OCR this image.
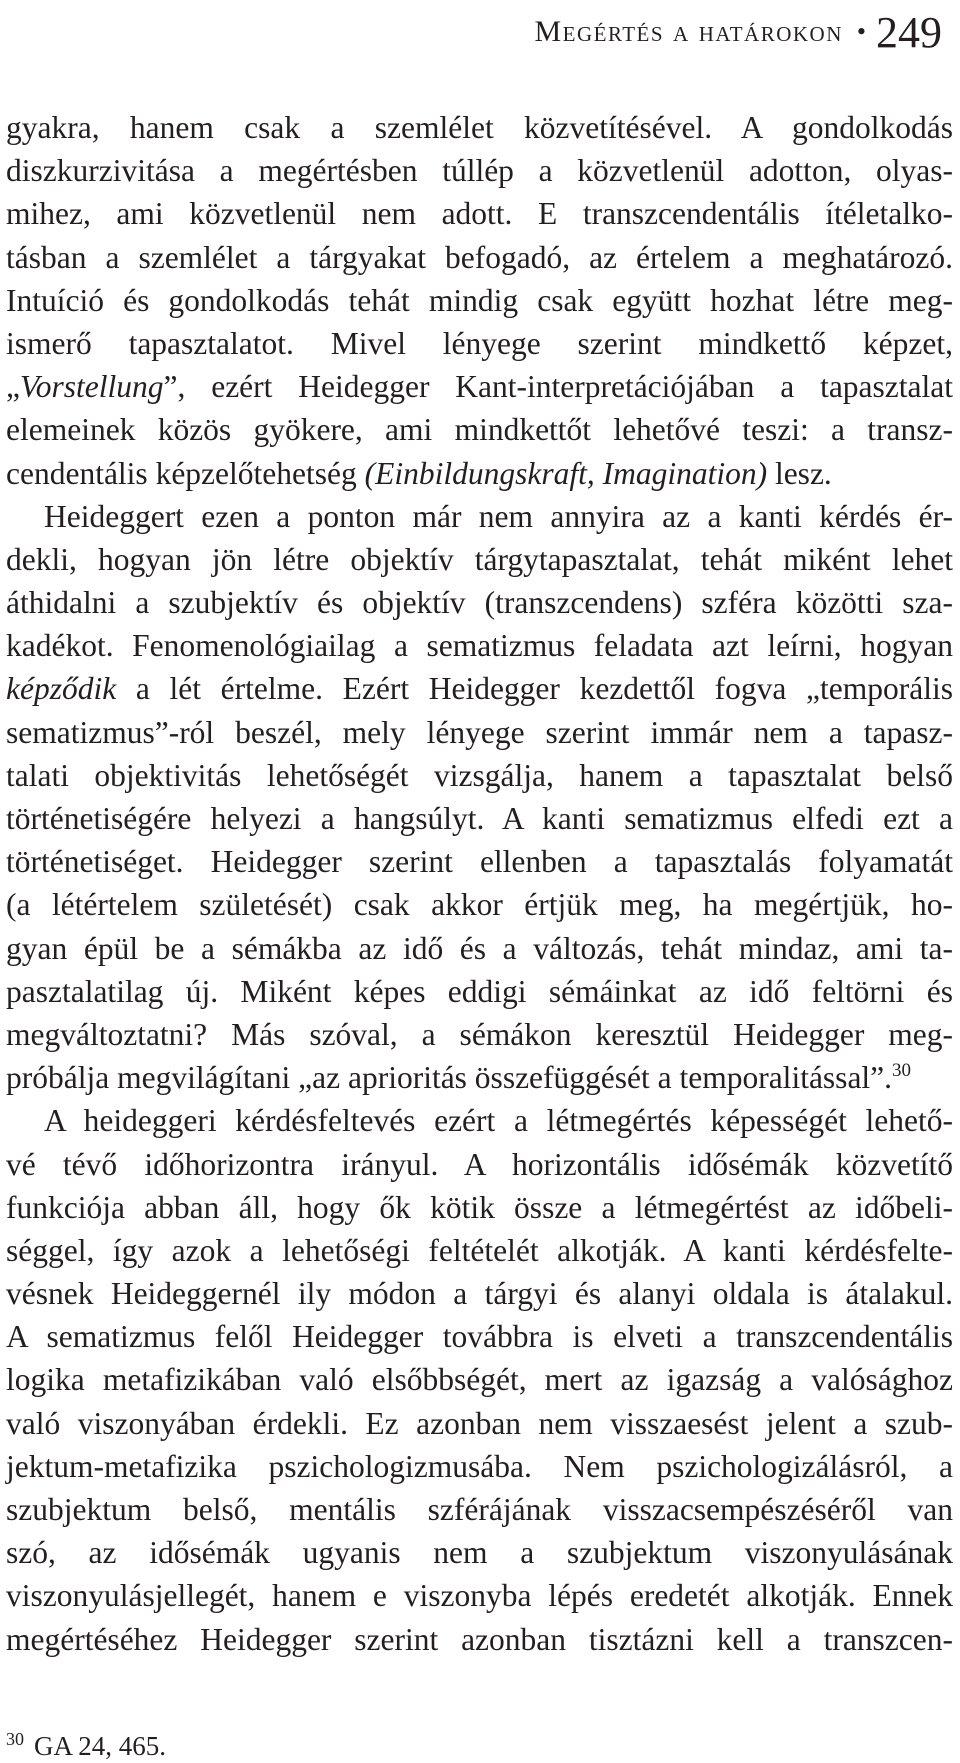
Megértés a határokon • 249
gyakra, hanem csak a szemlélet közvetítésével. A gondolkodás
diszkurzivitása a megértésben túllép a közvetlenül adotton, olyas-
mihez, ami közvetlenül nem adott. E transzcendentális ítéletalko-
tásban a szemlélet a tárgyakat befogadó, az értelem a meghatározó.
Intuíció és gondolkodás tehát mindig csak együtt hozhat létre meg-
ismerő tapasztalatot. Mivel lényege szerint mindkettő képzet,
„Vorstellung”, ezért Heidegger Kant-interpretációjában a tapasztalat
elemeinek közös gyökere, ami mindkettőt lehetővé teszi: a transz-
cendentális képzelőtehetség (Einbildungskraft, Imagination) lesz.
Heideggert ezen a ponton már nem annyira az a kanti kérdés ér-
dekli, hogyan jön létre objektív tárgytapasztalat, tehát miként lehet
áthidalni a szubjektív és objektív (transzcendens) szféra közötti sza-
kadékot. Fenomenológiailag a sematizmus feladata azt leírni, hogyan
képződik a lét értelme. Ezért Heidegger kezdettől fogva „temporális
sematizmus”-ról beszél, mely lényege szerint immár nem a tapasz-
talati objektivitás lehetőségét vizsgálja, hanem a tapasztalat belső
történetiségére helyezi a hangsúlyt. A kanti sematizmus elfedi ezt a
történetiséget. Heidegger szerint ellenben a tapasztalás folyamatát
(a létértelem születését) csak akkor értjük meg, ha megértjük, ho-
gyan épül be a sémákba az idő és a változás, tehát mindaz, ami ta-
pasztalatilag új. Miként képes eddigi sémáinkat az idő feltörni és
megváltoztatni? Más szóval, a sémákon keresztül Heidegger meg-
próbálja megvilágítani „az aprioritás összefüggését a temporalitással”.$^{30}$
A heideggeri kérdésfeltevés ezért a létmegértés képességét lehető-
vé tévő időhorizontra irányul. A horizontális idősémák közvetítő
funkciója abban áll, hogy ők kötik össze a létmegértést az időbeli-
séggel, így azok a lehetőségi feltételét alkotják. A kanti kérdésfelte-
vésnek Heideggernél ily módon a tárgyi és alanyi oldala is átalakul.
A sematizmus felől Heidegger továbbra is elveti a transzcendentális
logika metafizikában való elsőbbségét, mert az igazság a valósághoz
való viszonyában érdekli. Ez azonban nem visszaesést jelent a szub-
jektum-metafizika pszichologizmusába. Nem pszichologizálásról, a
szubjektum belső, mentális szférájának visszacsempészéséről van
szó, az idősémák ugyanis nem a szubjektum viszonyulásának
viszonyulásjellegét, hanem e viszonyba lépés eredetét alkotják. Ennek
megértéséhez Heidegger szerint azonban tisztázni kell a transzcen-
$^{30}$ GA 24, 465.
